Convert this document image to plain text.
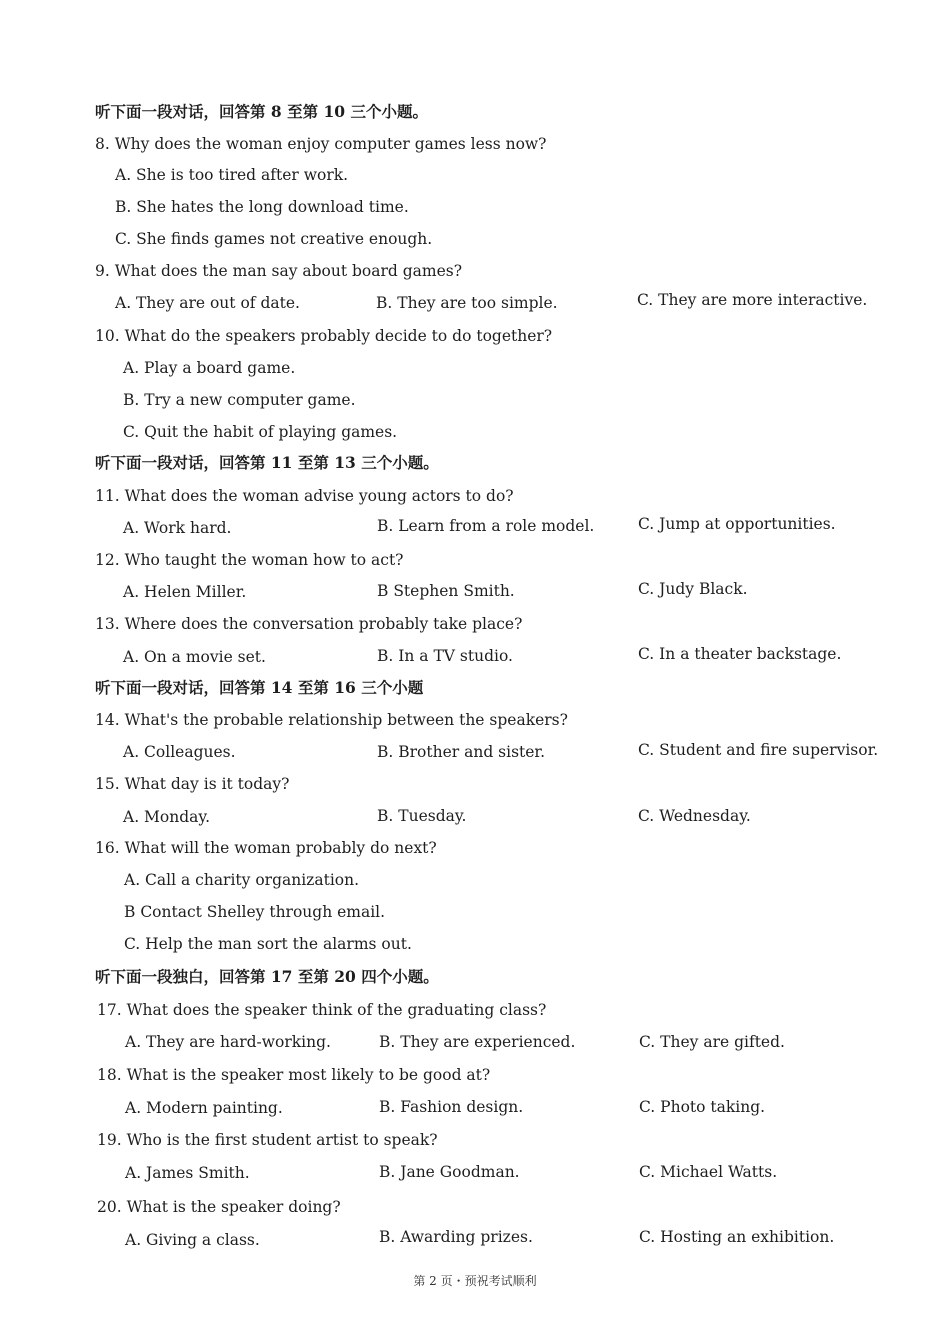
听下面一段对话，回答第 8 至第 10 三个小题。
8. Why does the woman enjoy computer games less now?
A. She is too tired after work.
B. She hates the long download time.
C. She finds games not creative enough.
9. What does the man say about board games?
A. They are out of date.	B. They are too simple.	C. They are more interactive.
10. What do the speakers probably decide to do together?
A. Play a board game.
B. Try a new computer game.
C. Quit the habit of playing games.
听下面一段对话，回答第 11 至第 13 三个小题。
11. What does the woman advise young actors to do?
A. Work hard.	B. Learn from a role model.	C. Jump at opportunities.
12. Who taught the woman how to act?
A. Helen Miller.	B Stephen Smith.	C. Judy Black.
13. Where does the conversation probably take place?
A. On a movie set.	B. In a TV studio.	C. In a theater backstage.
听下面一段对话，回答第 14 至第 16 三个小题
14. What's the probable relationship between the speakers?
A. Colleagues.	B. Brother and sister.	C. Student and fire supervisor.
15. What day is it today?
A. Monday.	B. Tuesday.	C. Wednesday.
16. What will the woman probably do next?
A. Call a charity organization.
B Contact Shelley through email.
C. Help the man sort the alarms out.
听下面一段独白，回答第 17 至第 20 四个小题。
17. What does the speaker think of the graduating class?
A. They are hard-working.	B. They are experienced.	C. They are gifted.
18. What is the speaker most likely to be good at?
A. Modern painting.	B. Fashion design.	C. Photo taking.
19. Who is the first student artist to speak?
A. James Smith.	B. Jane Goodman.	C. Michael Watts.
20. What is the speaker doing?
A. Giving a class.	B. Awarding prizes.	C. Hosting an exhibition.
第 2 页・预祝考试顺利
